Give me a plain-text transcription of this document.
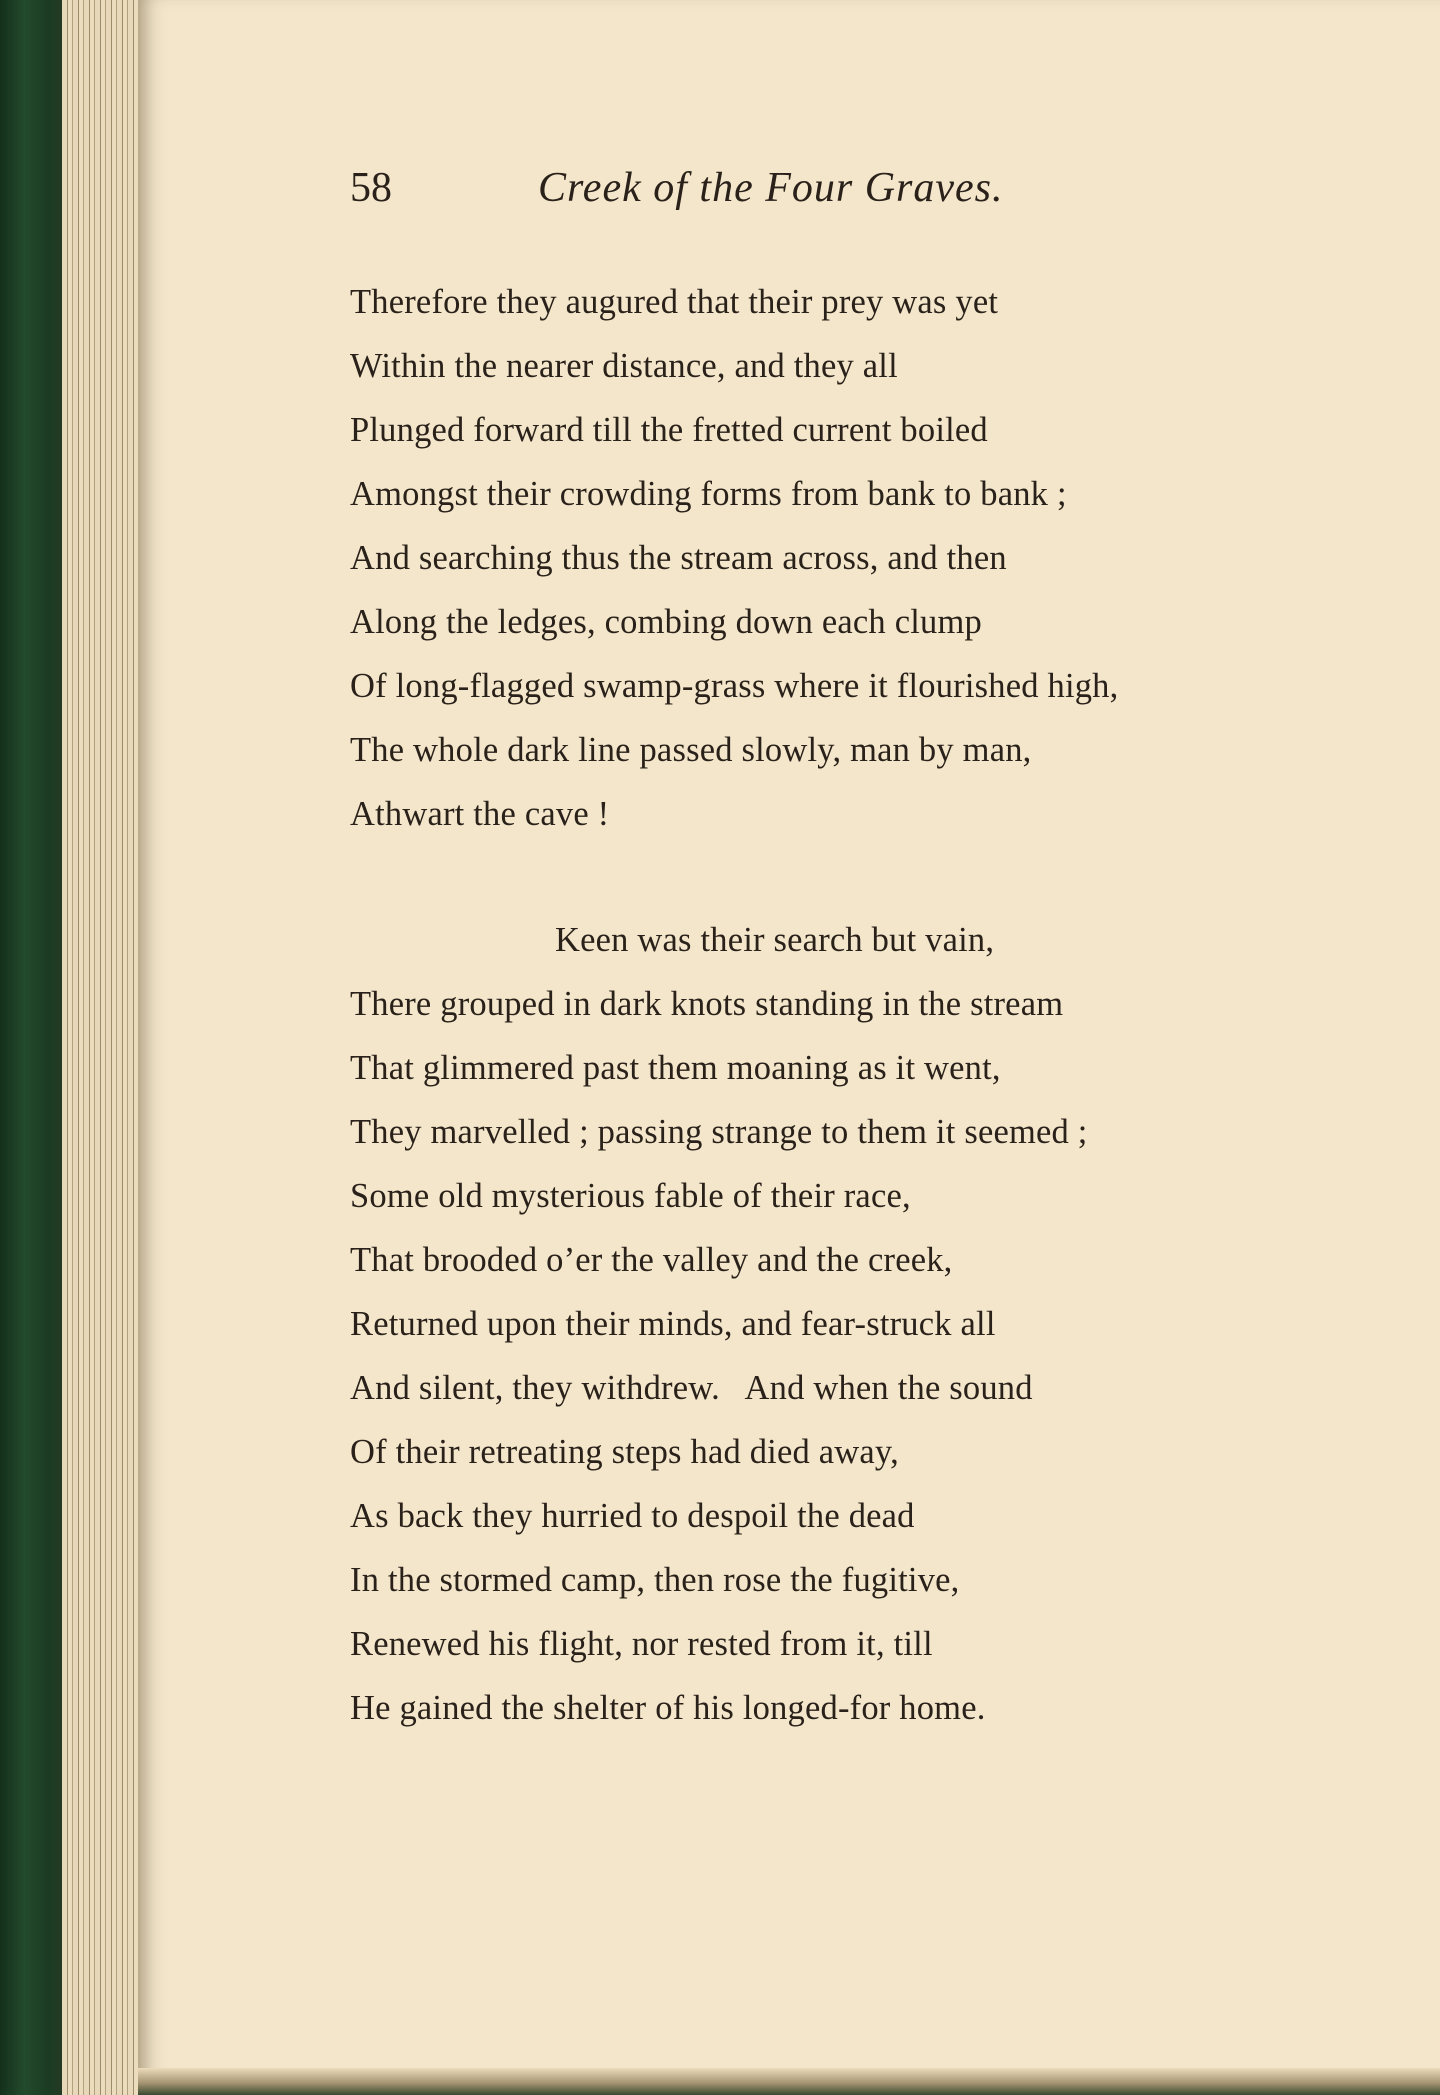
58	Creek of the Four Graves.
Therefore they augured that their prey was yet
Within the nearer distance, and they all
Plunged forward till the fretted current boiled
Amongst their crowding forms from bank to bank ;
And searching thus the stream across, and then
Along the ledges, combing down each clump
Of long-flagged swamp-grass where it flourished high,
The whole dark line passed slowly, man by man,
Athwart the cave !
Keen was their search but vain,
There grouped in dark knots standing in the stream
That glimmered past them moaning as it went,
They marvelled ; passing strange to them it seemed ;
Some old mysterious fable of their race,
That brooded o’er the valley and the creek,
Returned upon their minds, and fear-struck all
And silent, they withdrew.   And when the sound
Of their retreating steps had died away,
As back they hurried to despoil the dead
In the stormed camp, then rose the fugitive,
Renewed his flight, nor rested from it, till
He gained the shelter of his longed-for home.
